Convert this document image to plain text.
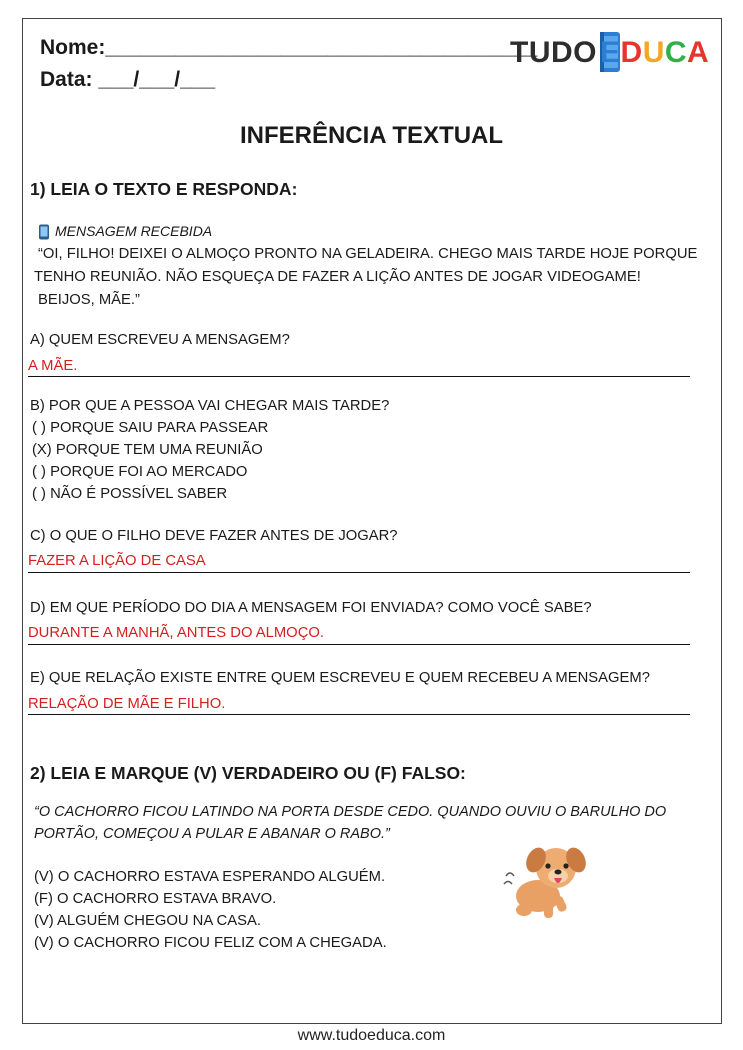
Nome:_____________________________________
Data: ___/___/___
TUDO EDUCA
INFERÊNCIA TEXTUAL
1) LEIA O TEXTO E RESPONDA:
MENSAGEM RECEBIDA
“OI, FILHO! DEIXEI O ALMOÇO PRONTO NA GELADEIRA. CHEGO MAIS TARDE HOJE PORQUE
TENHO REUNIÃO. NÃO ESQUEÇA DE FAZER A LIÇÃO ANTES DE JOGAR VIDEOGAME!
BEIJOS, MÃE.”
A) QUEM ESCREVEU A MENSAGEM?
A MÃE.
B) POR QUE A PESSOA VAI CHEGAR MAIS TARDE?
( ) PORQUE SAIU PARA PASSEAR
(X) PORQUE TEM UMA REUNIÃO
( ) PORQUE FOI AO MERCADO
( ) NÃO É POSSÍVEL SABER
C) O QUE O FILHO DEVE FAZER ANTES DE JOGAR?
FAZER A LIÇÃO DE CASA
D) EM QUE PERÍODO DO DIA A MENSAGEM FOI ENVIADA? COMO VOCÊ SABE?
DURANTE A MANHÃ, ANTES DO ALMOÇO.
E) QUE RELAÇÃO EXISTE ENTRE QUEM ESCREVEU E QUEM RECEBEU A MENSAGEM?
RELAÇÃO DE MÃE E FILHO.
2) LEIA E MARQUE (V) VERDADEIRO OU (F) FALSO:
“O CACHORRO FICOU LATINDO NA PORTA DESDE CEDO. QUANDO OUVIU O BARULHO DO
PORTÃO, COMEÇOU A PULAR E ABANAR O RABO.”
(V) O CACHORRO ESTAVA ESPERANDO ALGUÉM.
(F) O CACHORRO ESTAVA BRAVO.
(V) ALGUÉM CHEGOU NA CASA.
(V) O CACHORRO FICOU FELIZ COM A CHEGADA.
www.tudoeduca.com
